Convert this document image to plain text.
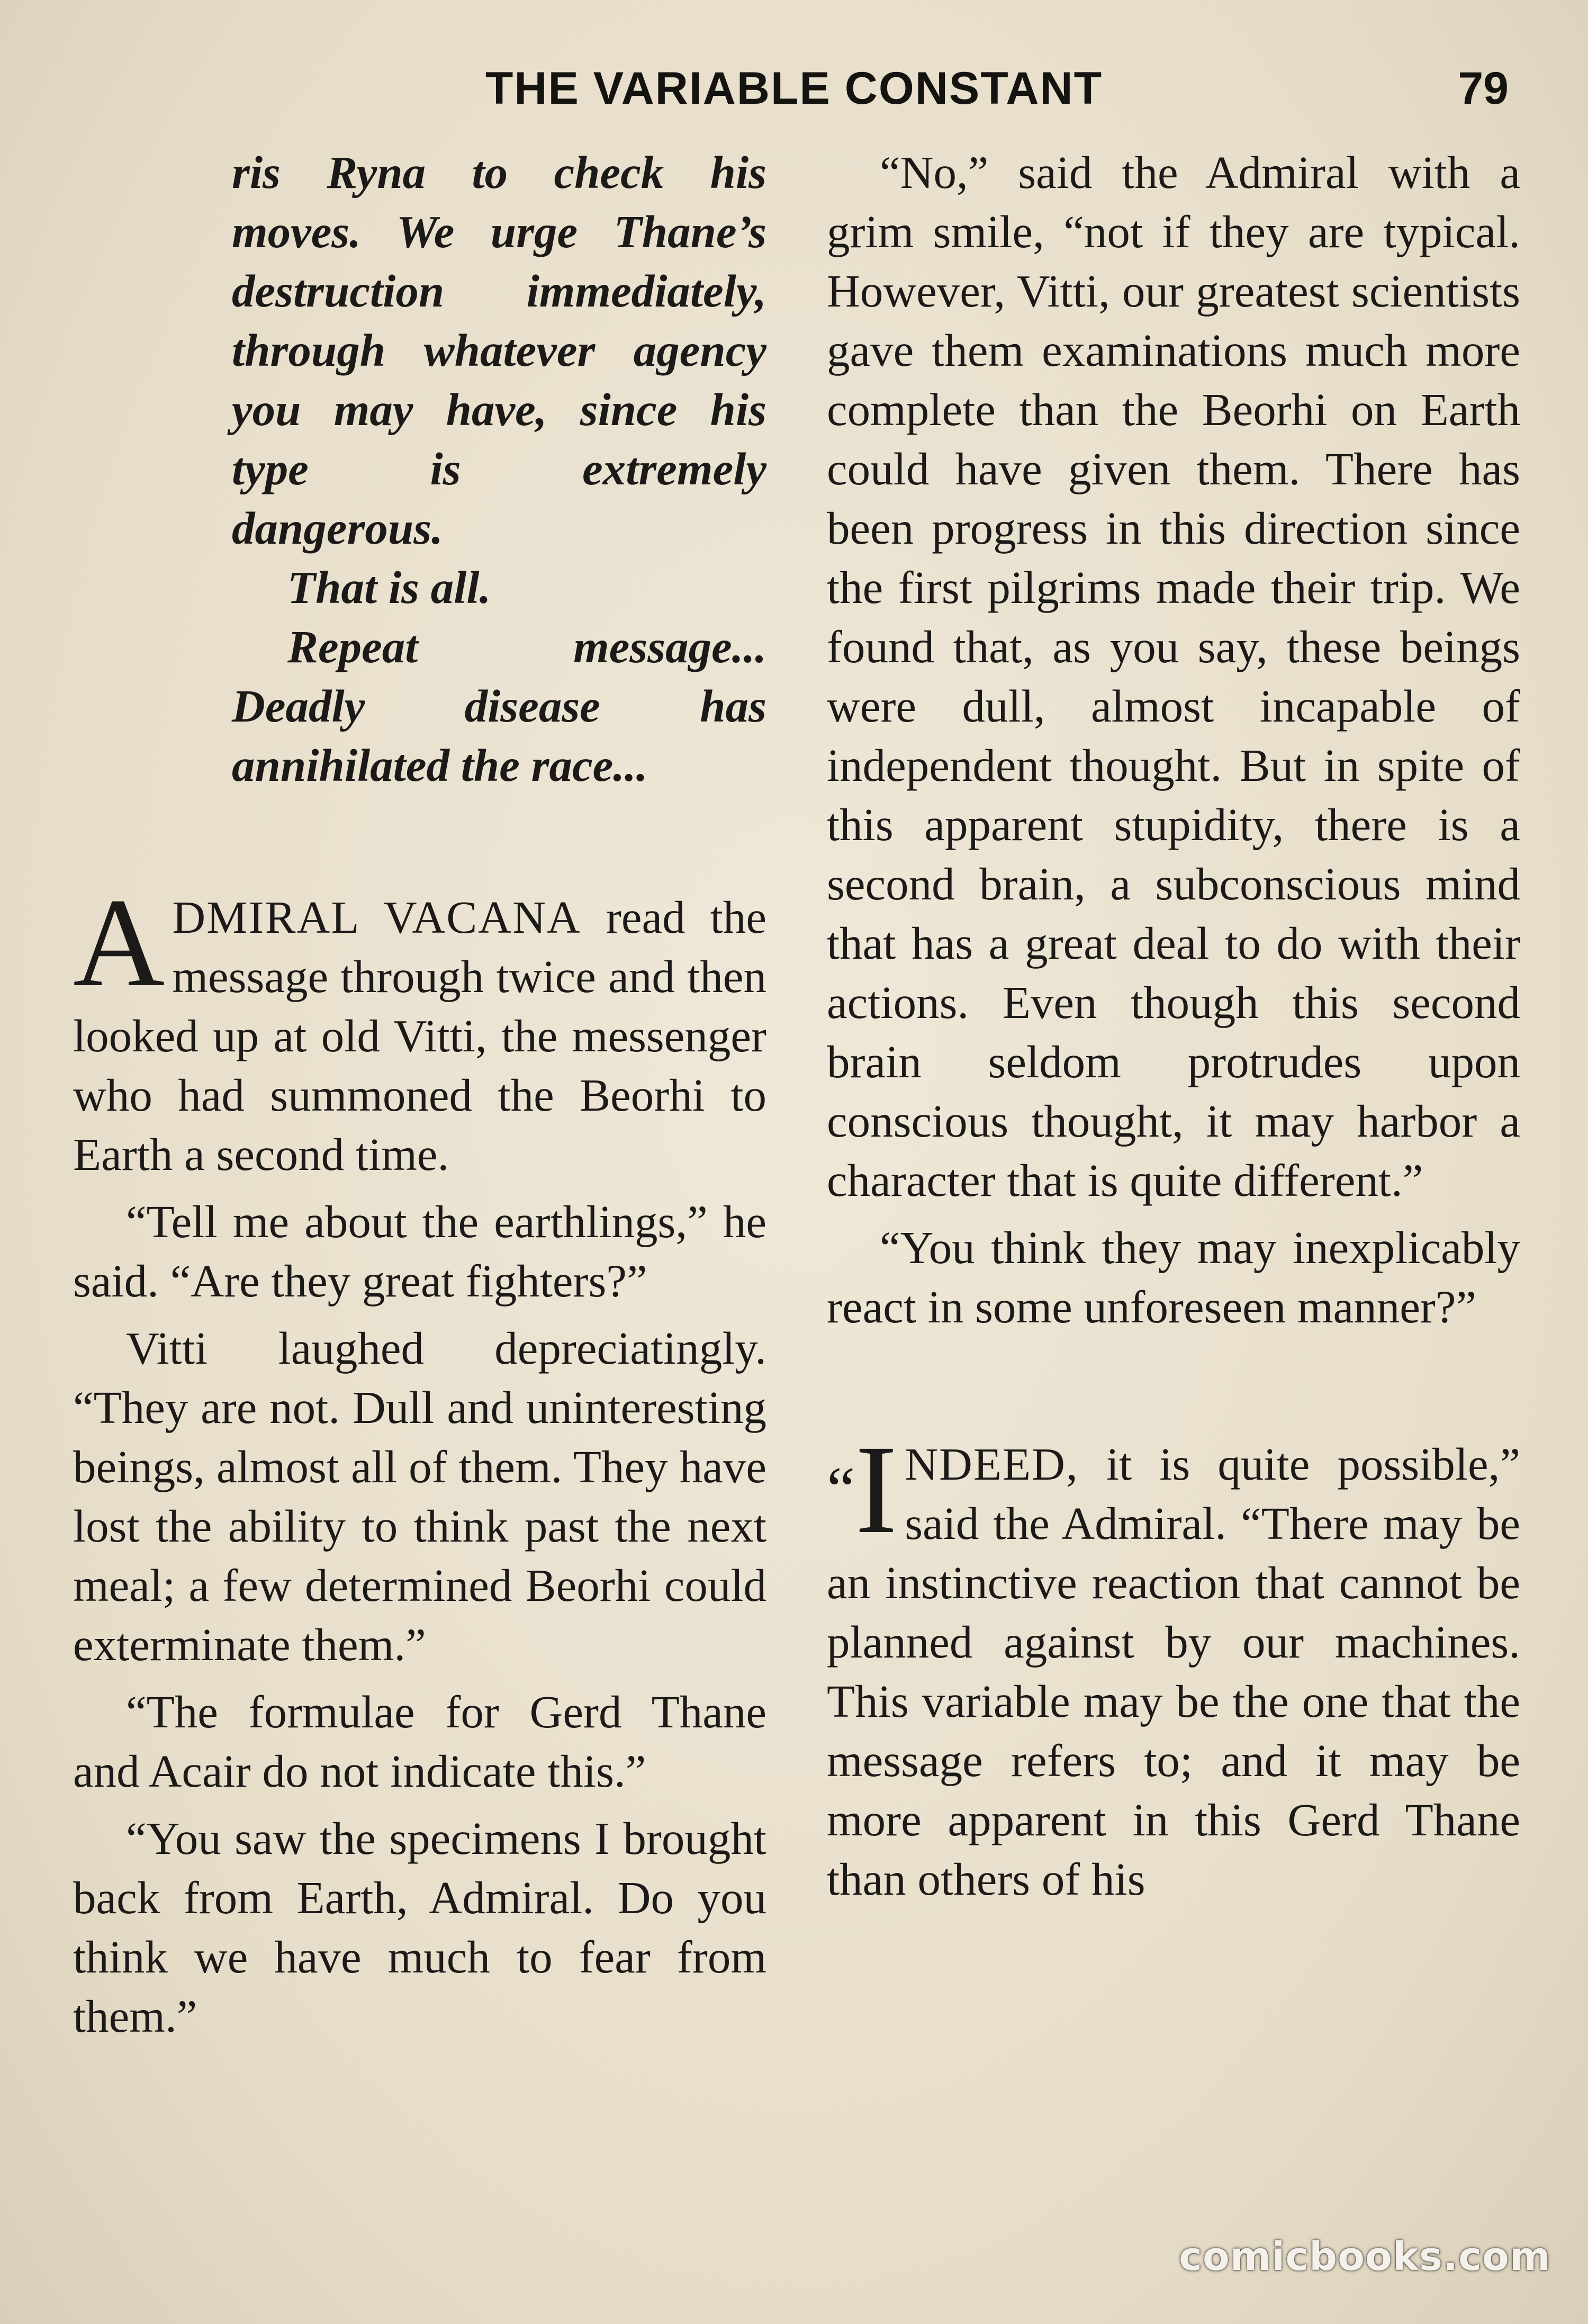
THE VARIABLE CONSTANT	79

ris Ryna to check his moves. We urge Thane’s destruction immediately, through whatever agency you may have, since his type is extremely dangerous.

That is all.

Repeat message... Deadly disease has annihilated the race...

ADMIRAL VACANA read the message through twice and then looked up at old Vitti, the messenger who had summoned the Beorhi to Earth a second time.

“Tell me about the earthlings,” he said. “Are they great fighters?”

Vitti laughed depreciatingly. “They are not. Dull and uninteresting beings, almost all of them. They have lost the ability to think past the next meal; a few determined Beorhi could exterminate them.”

“The formulae for Gerd Thane and Acair do not indicate this.”

“You saw the specimens I brought back from Earth, Admiral. Do you think we have much to fear from them.”

“No,” said the Admiral with a grim smile, “not if they are typical. However, Vitti, our greatest scientists gave them examinations much more complete than the Beorhi on Earth could have given them. There has been progress in this direction since the first pilgrims made their trip. We found that, as you say, these beings were dull, almost incapable of independent thought. But in spite of this apparent stupidity, there is a second brain, a subconscious mind that has a great deal to do with their actions. Even though this second brain seldom protrudes upon conscious thought, it may harbor a character that is quite different.”

“You think they may inexplicably react in some unforeseen manner?”

“I NDEED, it is quite possible,” said the Admiral. “There may be an instinctive reaction that cannot be planned against by our machines. This variable may be the one that the message refers to; and it may be more apparent in this Gerd Thane than others of his

comicbooks.com
